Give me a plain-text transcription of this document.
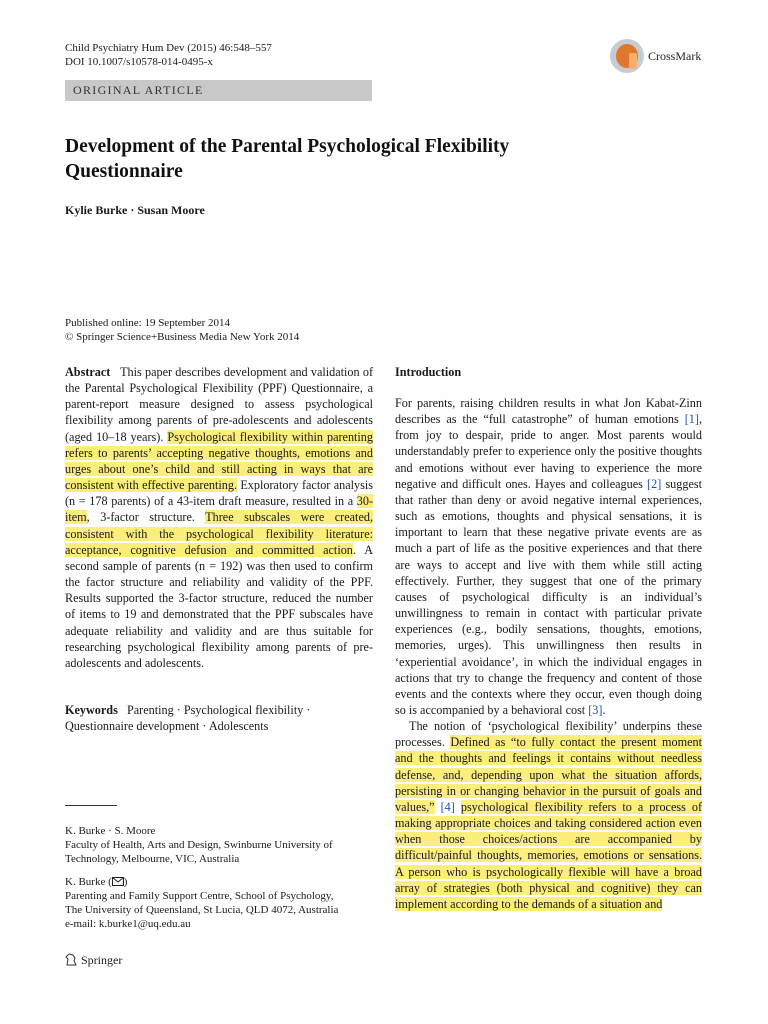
Child Psychiatry Hum Dev (2015) 46:548–557
DOI 10.1007/s10578-014-0495-x	CrossMark
ORIGINAL ARTICLE
Development of the Parental Psychological Flexibility Questionnaire
Kylie Burke · Susan Moore
Published online: 19 September 2014
© Springer Science+Business Media New York 2014

Abstract This paper describes development and validation of the Parental Psychological Flexibility (PPF) Questionnaire, a parent-report measure designed to assess psychological flexibility among parents of pre-adolescents and adolescents (aged 10–18 years). Psychological flexibility within parenting refers to parents’ accepting negative thoughts, emotions and urges about one’s child and still acting in ways that are consistent with effective parenting. Exploratory factor analysis (n = 178 parents) of a 43-item draft measure, resulted in a 30-item, 3-factor structure. Three subscales were created, consistent with the psychological flexibility literature: acceptance, cognitive defusion and committed action. A second sample of parents (n = 192) was then used to confirm the factor structure and reliability and validity of the PPF. Results supported the 3-factor structure, reduced the number of items to 19 and demonstrated that the PPF subscales have adequate reliability and validity and are thus suitable for researching psychological flexibility among parents of pre-adolescents and adolescents.

Keywords Parenting · Psychological flexibility · Questionnaire development · Adolescents
K. Burke · S. Moore
Faculty of Health, Arts and Design, Swinburne University of
Technology, Melbourne, VIC, Australia
K. Burke ( )
Parenting and Family Support Centre, School of Psychology,
The University of Queensland, St Lucia, QLD 4072, Australia
e-mail: k.burke1@uq.edu.au
Springer

Introduction

For parents, raising children results in what Jon Kabat-Zinn describes as the “full catastrophe” of human emotions [1], from joy to despair, pride to anger. Most parents would understandably prefer to experience only the positive thoughts and emotions without ever having to experience the more negative and difficult ones. Hayes and colleagues [2] suggest that rather than deny or avoid negative internal experiences, such as emotions, thoughts and physical sensations, it is important to learn that these negative private events are as much a part of life as the positive experiences and that there are ways to accept and live with them while still acting effectively. Further, they suggest that one of the primary causes of psychological difficulty is an individual’s unwillingness to remain in contact with particular private experiences (e.g., bodily sensations, thoughts, emotions, memories, urges). This unwillingness then results in ‘experiential avoidance’, in which the individual engages in actions that try to change the frequency and content of those events and the contexts where they occur, even though doing so is accompanied by a behavioral cost [3].

The notion of ‘psychological flexibility’ underpins these processes. Defined as “to fully contact the present moment and the thoughts and feelings it contains without needless defense, and, depending upon what the situation affords, persisting in or changing behavior in the pursuit of goals and values,” [4] psychological flexibility refers to a process of making appropriate choices and taking considered action even when those choices/actions are accompanied by difficult/painful thoughts, memories, emotions or sensations. A person who is psychologically flexible will have a broad array of strategies (both physical and cognitive) they can implement according to the demands of a situation and
